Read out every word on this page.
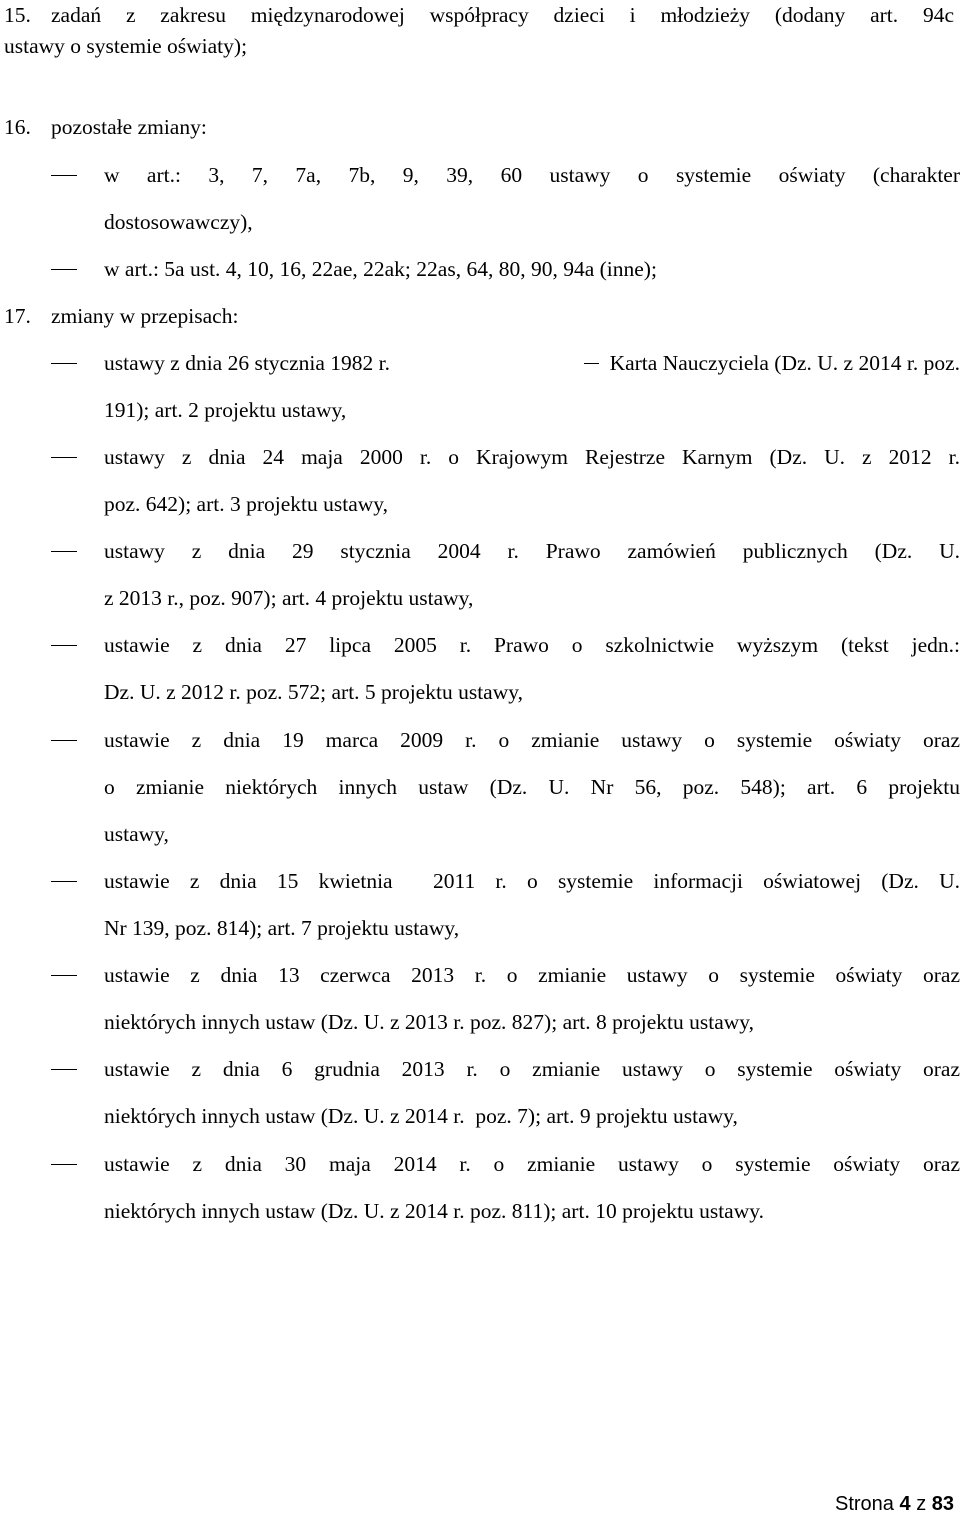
15. zadań z zakresu międzynarodowej współpracy dzieci i młodzieży (dodany art. 94c
ustawy o systemie oświaty);
16. pozostałe zmiany:
w art.: 3, 7, 7a, 7b, 9, 39, 60 ustawy o systemie oświaty (charakter
dostosowawczy),
w art.: 5a ust. 4, 10, 16, 22ae, 22ak; 22as, 64, 80, 90, 94a (inne);
17. zmiany w przepisach:
ustawy z dnia 26 stycznia 1982 r.	Karta Nauczyciela (Dz. U. z 2014 r. poz.
191); art. 2 projektu ustawy,
ustawy z dnia 24 maja 2000 r. o Krajowym Rejestrze Karnym (Dz. U. z 2012 r.
poz. 642); art. 3 projektu ustawy,
ustawy z dnia 29 stycznia 2004 r. Prawo zamówień publicznych (Dz. U.
z 2013 r., poz. 907); art. 4 projektu ustawy,
ustawie z dnia 27 lipca 2005 r. Prawo o szkolnictwie wyższym (tekst jedn.:
Dz. U. z 2012 r. poz. 572; art. 5 projektu ustawy,
ustawie z dnia 19 marca 2009 r. o zmianie ustawy o systemie oświaty oraz
o zmianie niektórych innych ustaw (Dz. U. Nr 56, poz. 548); art. 6 projektu
ustawy,
ustawie z dnia 15 kwietnia  2011 r. o systemie informacji oświatowej (Dz. U.
Nr 139, poz. 814); art. 7 projektu ustawy,
ustawie z dnia 13 czerwca 2013 r. o zmianie ustawy o systemie oświaty oraz
niektórych innych ustaw (Dz. U. z 2013 r. poz. 827); art. 8 projektu ustawy,
ustawie z dnia 6 grudnia 2013 r. o zmianie ustawy o systemie oświaty oraz
niektórych innych ustaw (Dz. U. z 2014 r.  poz. 7); art. 9 projektu ustawy,
ustawie z dnia 30 maja 2014 r. o zmianie ustawy o systemie oświaty oraz
niektórych innych ustaw (Dz. U. z 2014 r. poz. 811); art. 10 projektu ustawy.
Strona 4 z 83
